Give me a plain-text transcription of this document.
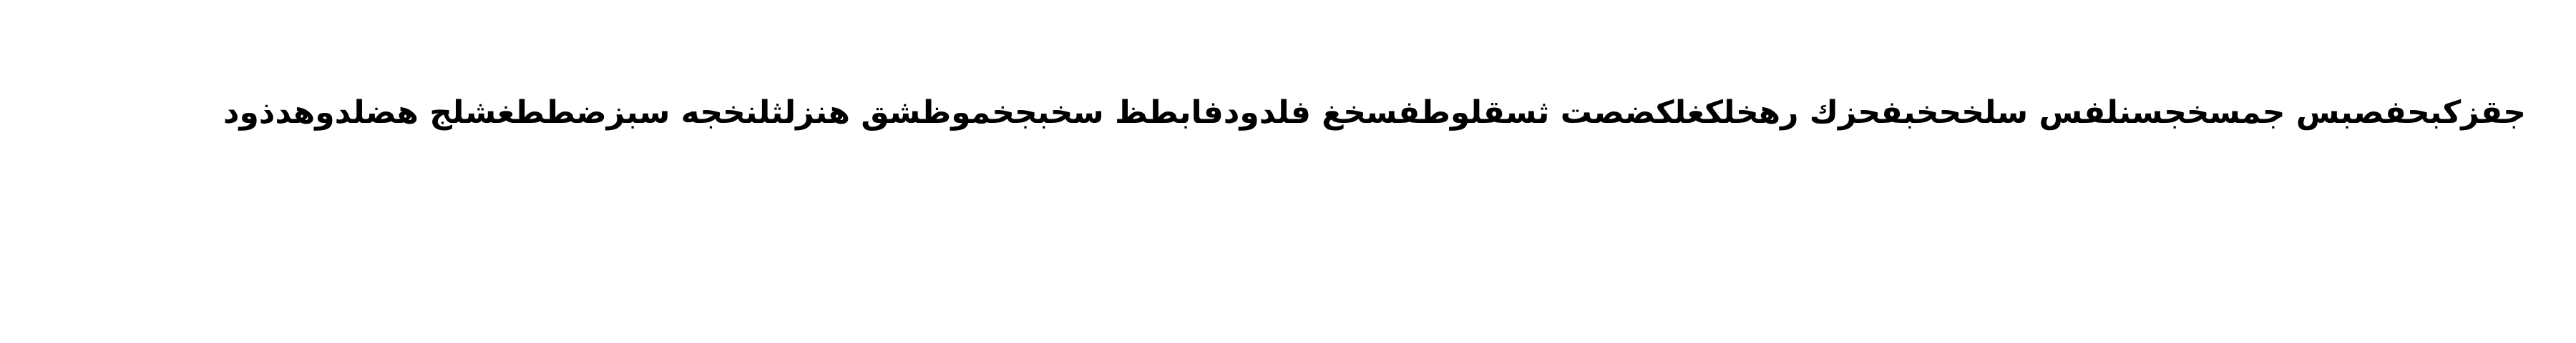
جقزكبحفصبس جمسخجسنلفس سلخحخبفحزك رهخلكغلكضصت ثسقلوطفسخغ فلدودفابطظ سخبجخموظشق هنزلثلنخجه سبزضططغشلج هضلدوهدذود
